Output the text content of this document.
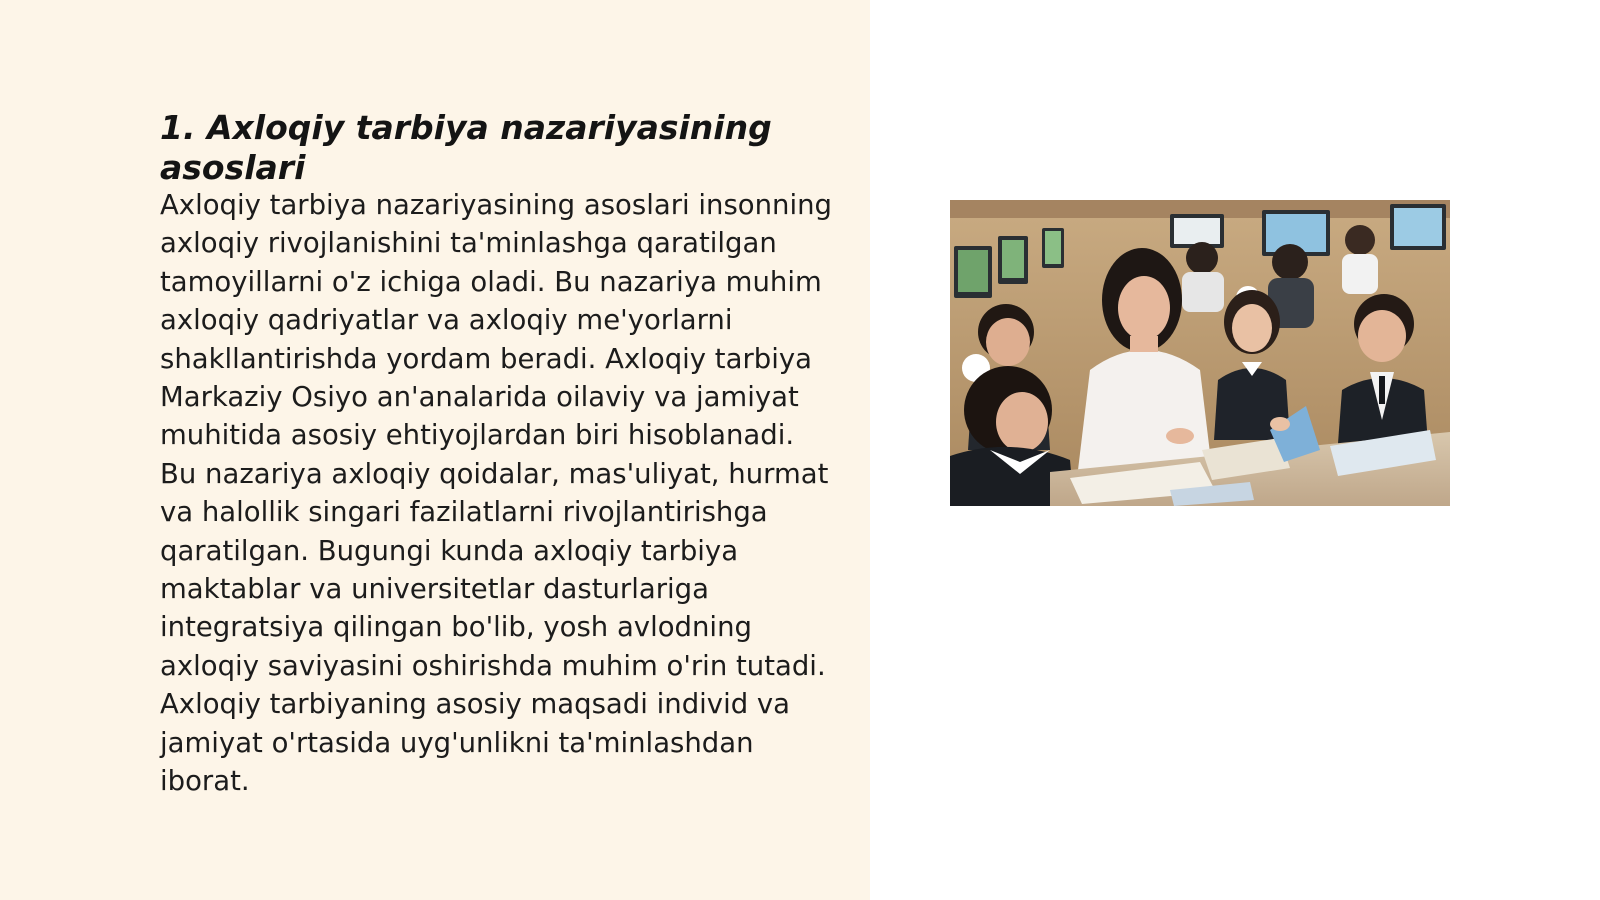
1. Axloqiy tarbiya nazariyasining asoslari

Axloqiy tarbiya nazariyasining asoslari insonning axloqiy rivojlanishini ta'minlashga qaratilgan tamoyillarni o'z ichiga oladi. Bu nazariya muhim axloqiy qadriyatlar va axloqiy me'yorlarni shakllantirishda yordam beradi. Axloqiy tarbiya Markaziy Osiyo an'analarida oilaviy va jamiyat muhitida asosiy ehtiyojlardan biri hisoblanadi. Bu nazariya axloqiy qoidalar, mas'uliyat, hurmat va halollik singari fazilatlarni rivojlantirishga qaratilgan. Bugungi kunda axloqiy tarbiya maktablar va universitetlar dasturlariga integratsiya qilingan bo'lib, yosh avlodning axloqiy saviyasini oshirishda muhim o'rin tutadi. Axloqiy tarbiyaning asosiy maqsadi individ va jamiyat o'rtasida uyg'unlikni ta'minlashdan iborat.
